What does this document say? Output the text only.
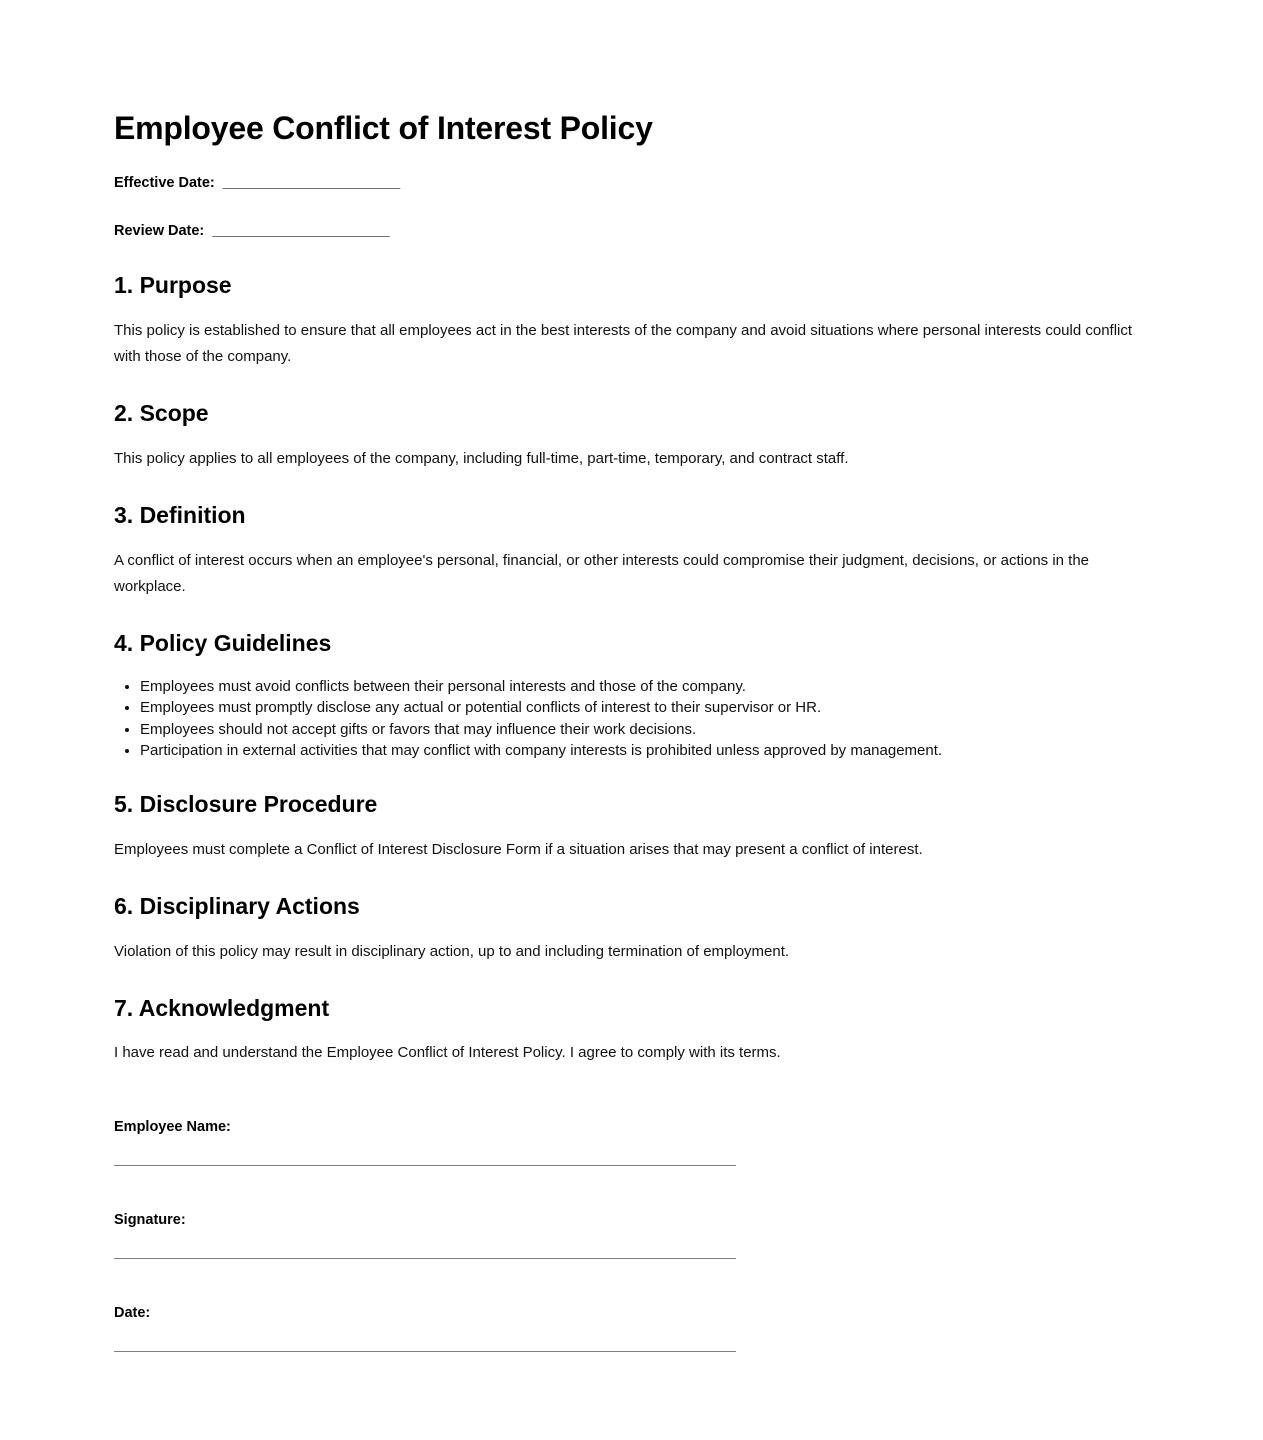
Employee Conflict of Interest Policy

Effective Date:  ______________________

Review Date:  ______________________

1. Purpose

This policy is established to ensure that all employees act in the best interests of the company and avoid situations where personal interests could conflict with those of the company.

2. Scope

This policy applies to all employees of the company, including full-time, part-time, temporary, and contract staff.

3. Definition

A conflict of interest occurs when an employee's personal, financial, or other interests could compromise their judgment, decisions, or actions in the workplace.

4. Policy Guidelines
• Employees must avoid conflicts between their personal interests and those of the company.
• Employees must promptly disclose any actual or potential conflicts of interest to their supervisor or HR.
• Employees should not accept gifts or favors that may influence their work decisions.
• Participation in external activities that may conflict with company interests is prohibited unless approved by management.
5. Disclosure Procedure

Employees must complete a Conflict of Interest Disclosure Form if a situation arises that may present a conflict of interest.

6. Disciplinary Actions

Violation of this policy may result in disciplinary action, up to and including termination of employment.

7. Acknowledgment

I have read and understand the Employee Conflict of Interest Policy. I agree to comply with its terms.

Employee Name:
Signature:
Date:
